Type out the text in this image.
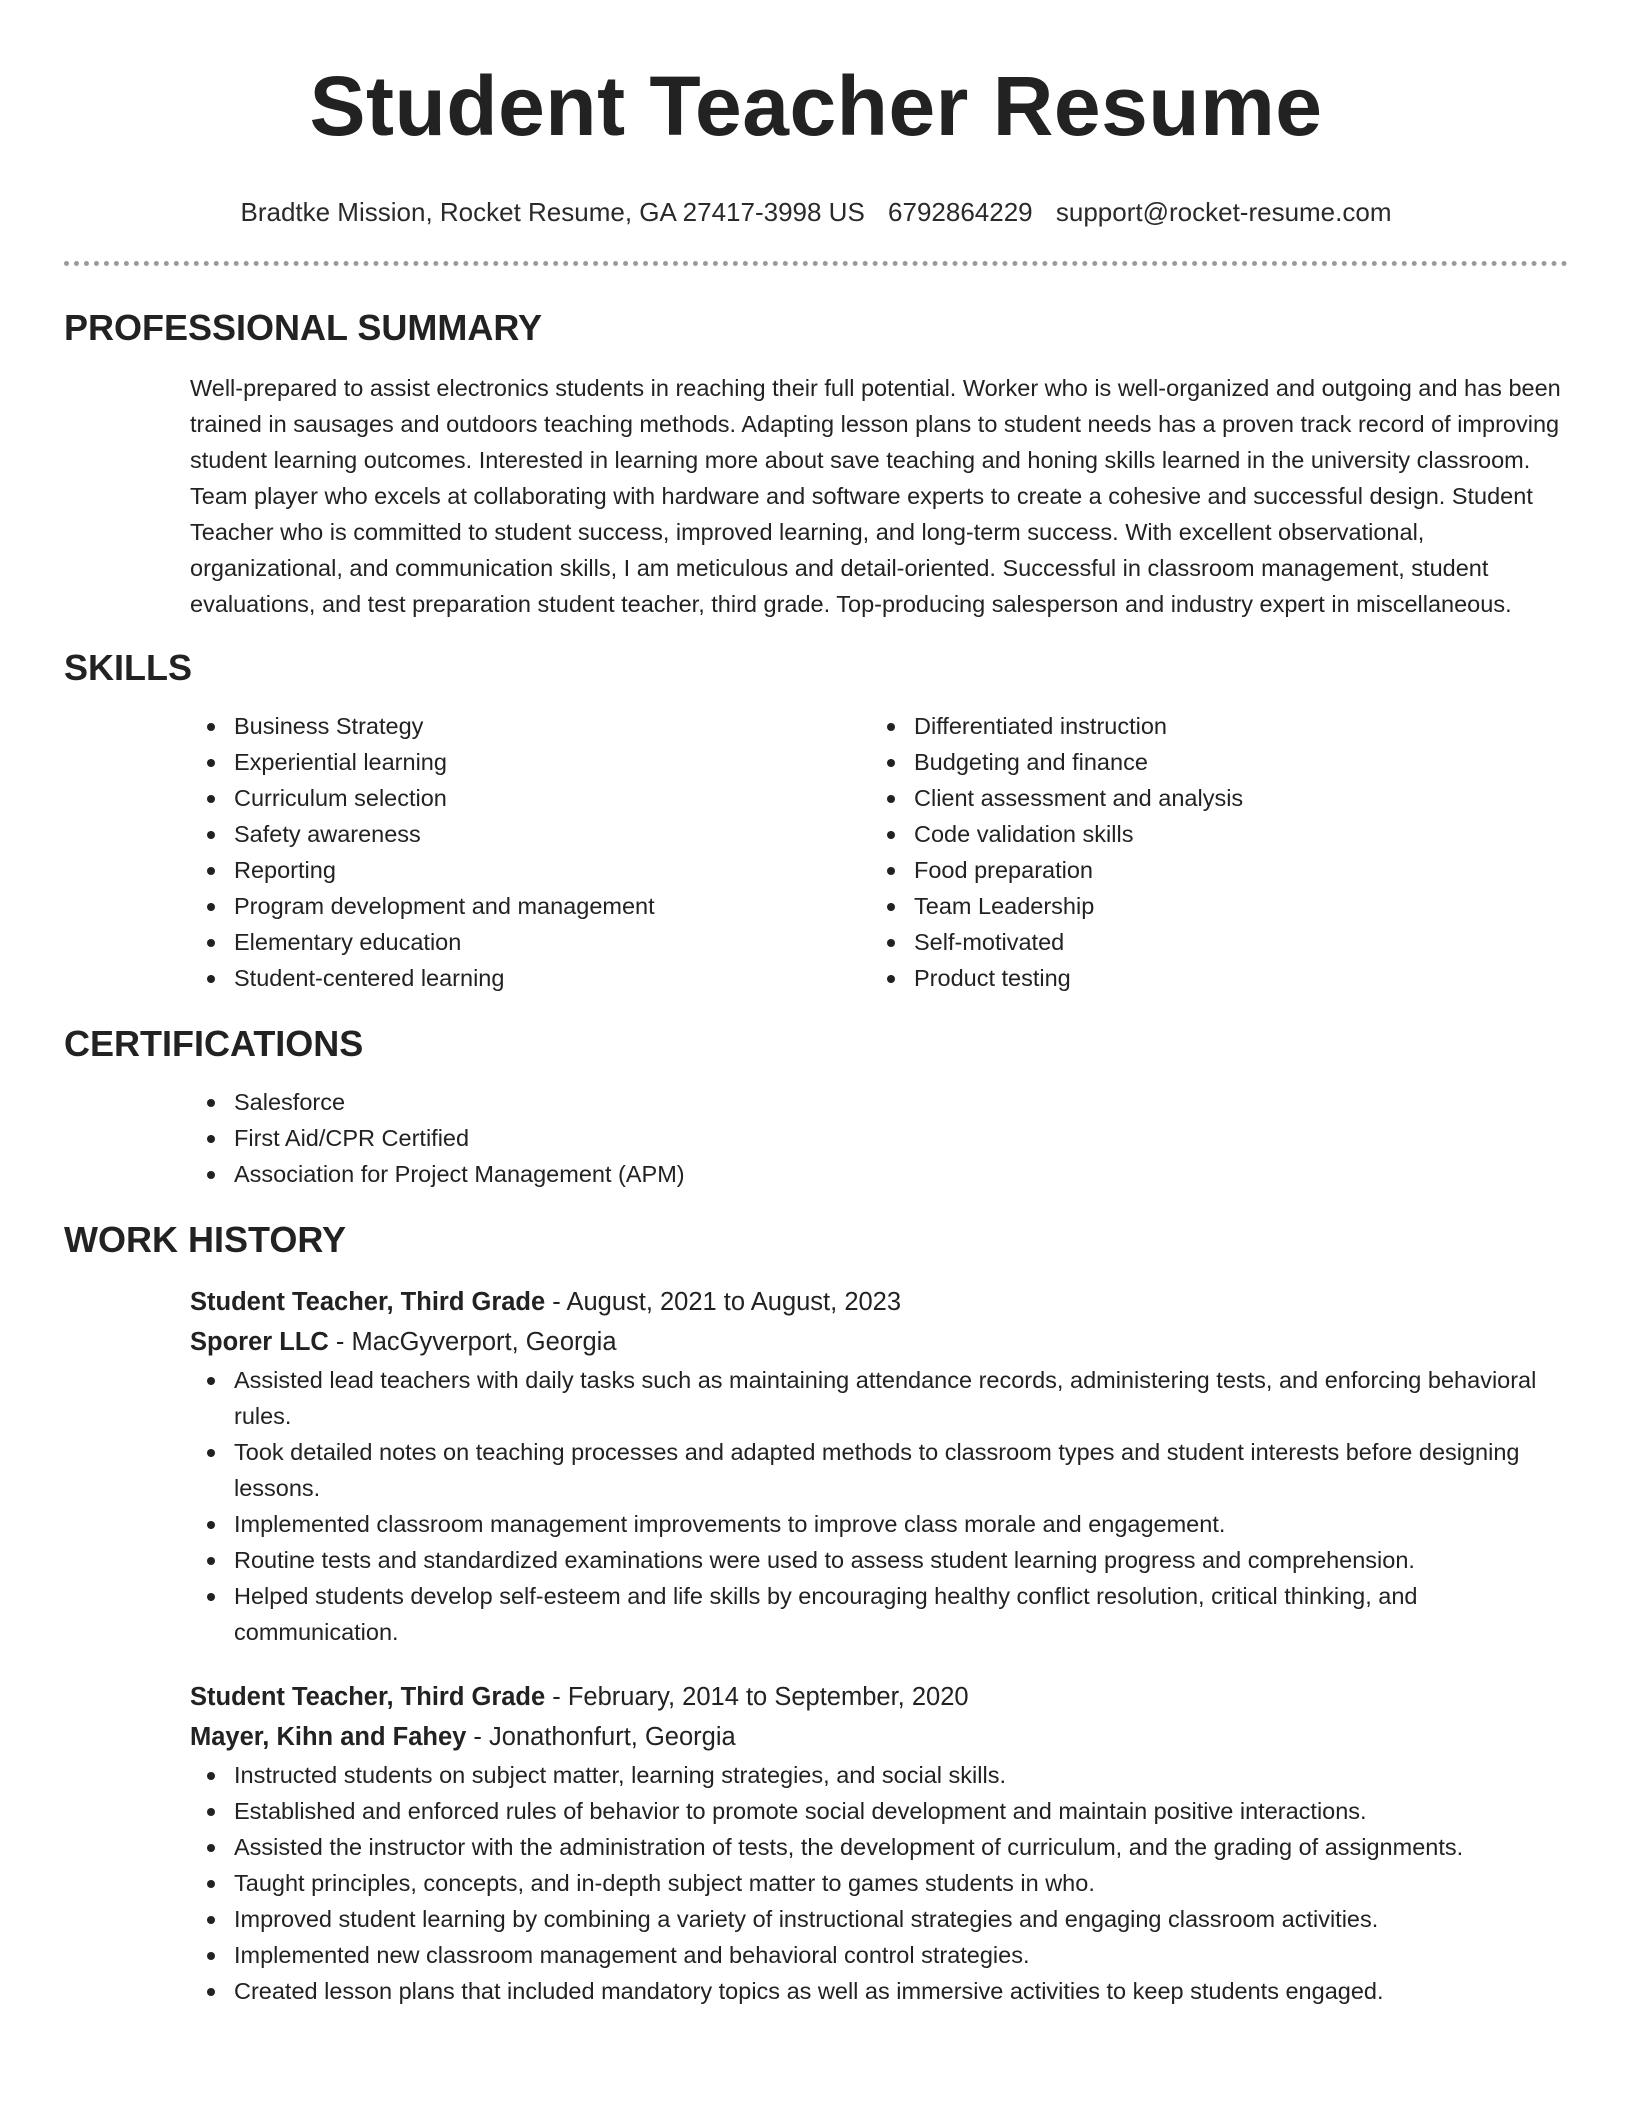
Student Teacher Resume
Bradtke Mission, Rocket Resume, GA 27417-3998 US 6792864229 support@rocket-resume.com
PROFESSIONAL SUMMARY

Well-prepared to assist electronics students in reaching their full potential. Worker who is well-organized and outgoing and has been trained in sausages and outdoors teaching methods. Adapting lesson plans to student needs has a proven track record of improving student learning outcomes. Interested in learning more about save teaching and honing skills learned in the university classroom. Team player who excels at collaborating with hardware and software experts to create a cohesive and successful design. Student Teacher who is committed to student success, improved learning, and long-term success. With excellent observational, organizational, and communication skills, I am meticulous and detail-oriented. Successful in classroom management, student evaluations, and test preparation student teacher, third grade. Top-producing salesperson and industry expert in miscellaneous.

SKILLS
Business Strategy
Experiential learning
Curriculum selection
Safety awareness
Reporting
Program development and management
Elementary education
Student-centered learning
Differentiated instruction
Budgeting and finance
Client assessment and analysis
Code validation skills
Food preparation
Team Leadership
Self-motivated
Product testing
CERTIFICATIONS
Salesforce
First Aid/CPR Certified
Association for Project Management (APM)
WORK HISTORY
Student Teacher, Third Grade - August, 2021 to August, 2023
Sporer LLC - MacGyverport, Georgia
Assisted lead teachers with daily tasks such as maintaining attendance records, administering tests, and enforcing behavioral rules.
Took detailed notes on teaching processes and adapted methods to classroom types and student interests before designing lessons.
Implemented classroom management improvements to improve class morale and engagement.
Routine tests and standardized examinations were used to assess student learning progress and comprehension.
Helped students develop self-esteem and life skills by encouraging healthy conflict resolution, critical thinking, and communication.
Student Teacher, Third Grade - February, 2014 to September, 2020
Mayer, Kihn and Fahey - Jonathonfurt, Georgia
Instructed students on subject matter, learning strategies, and social skills.
Established and enforced rules of behavior to promote social development and maintain positive interactions.
Assisted the instructor with the administration of tests, the development of curriculum, and the grading of assignments.
Taught principles, concepts, and in-depth subject matter to games students in who.
Improved student learning by combining a variety of instructional strategies and engaging classroom activities.
Implemented new classroom management and behavioral control strategies.
Created lesson plans that included mandatory topics as well as immersive activities to keep students engaged.
